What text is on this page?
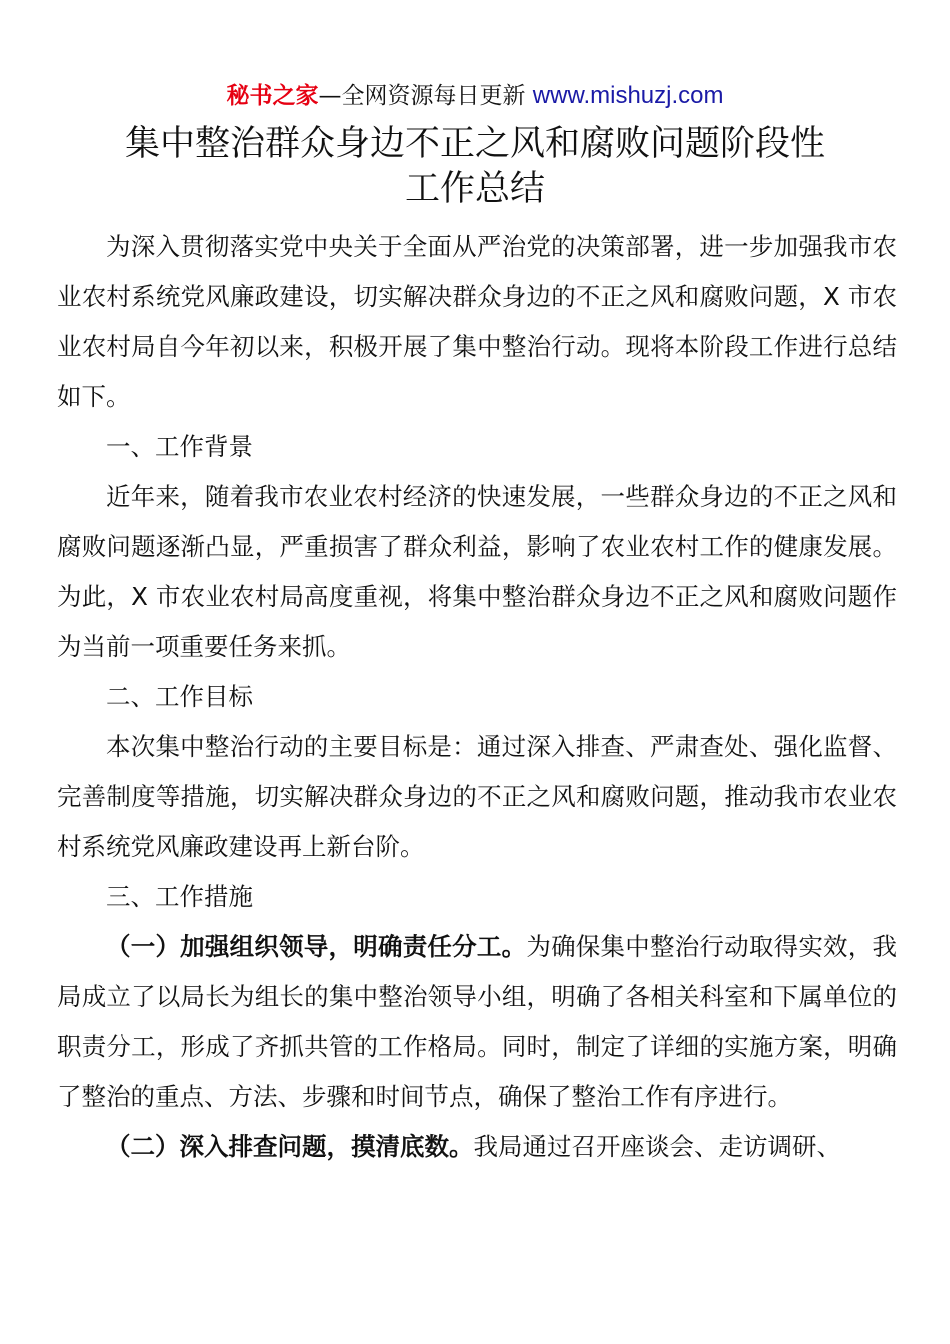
秘书之家—全网资源每日更新 www.mishuzj.com
集中整治群众身边不正之风和腐败问题阶段性
工作总结

为深入贯彻落实党中央关于全面从严治党的决策部署，进一步加强我市农业农村系统党风廉政建设，切实解决群众身边的不正之风和腐败问题，X 市农业农村局自今年初以来，积极开展了集中整治行动。现将本阶段工作进行总结如下。

一、工作背景

近年来，随着我市农业农村经济的快速发展，一些群众身边的不正之风和腐败问题逐渐凸显，严重损害了群众利益，影响了农业农村工作的健康发展。为此，X 市农业农村局高度重视，将集中整治群众身边不正之风和腐败问题作为当前一项重要任务来抓。

二、工作目标

本次集中整治行动的主要目标是：通过深入排查、严肃查处、强化监督、完善制度等措施，切实解决群众身边的不正之风和腐败问题，推动我市农业农村系统党风廉政建设再上新台阶。

三、工作措施

（一）加强组织领导，明确责任分工。为确保集中整治行动取得实效，我局成立了以局长为组长的集中整治领导小组，明确了各相关科室和下属单位的职责分工，形成了齐抓共管的工作格局。同时，制定了详细的实施方案，明确了整治的重点、方法、步骤和时间节点，确保了整治工作有序进行。

（二）深入排查问题，摸清底数。我局通过召开座谈会、走访调研、
